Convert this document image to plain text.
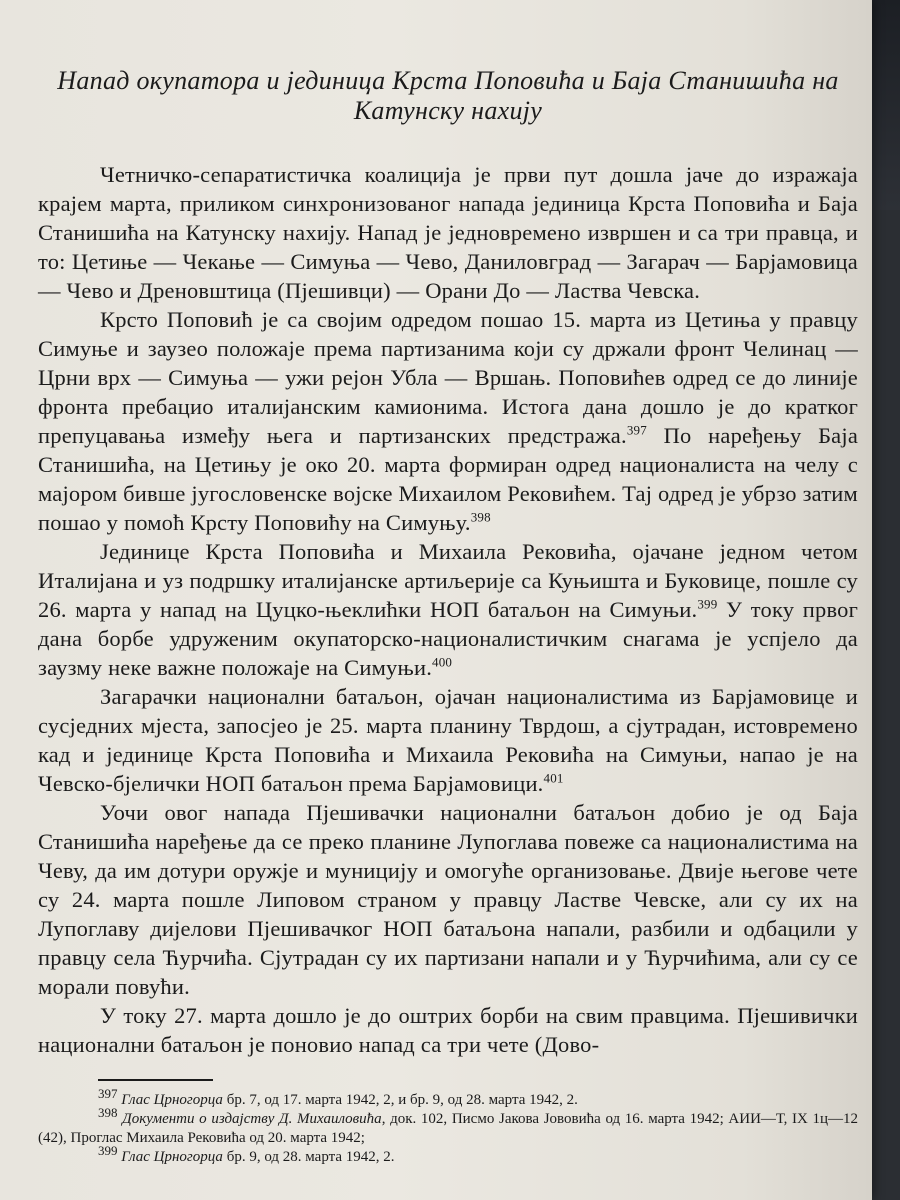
Напад окупатора и јединица Крста Поповића и Баја Станишића на Катунску нахију

Четничко-сепаратистичка коалиција је први пут дошла јаче до изражаја крајем марта, приликом синхронизованог напада јединица Крста Поповића и Баја Станишића на Катунску нахију. Напад је једновремено извршен и са три правца, и то: Цетиње — Чекање — Симуња — Чево, Даниловград — Загарач — Барјамовица — Чево и Дреновштица (Пјешивци) — Орани До — Ластва Чевска.

Крсто Поповић је са својим одредом пошао 15. марта из Цетиња у правцу Симуње и заузео положаје према партизанима који су држали фронт Челинац — Црни врх — Симуња — ужи рејон Убла — Вршањ. Поповићев одред се до линије фронта пребацио италијанским камионима. Истога дана дошло је до кратког препуцавања између њега и партизанских предстража.$^{397}$ По наређењу Баја Станишића, на Цетињу је око 20. марта формиран одред националиста на челу с мајором бивше југословенске војске Михаилом Рековићем. Тај одред је убрзо затим пошао у помоћ Крсту Поповићу на Симуњу.$^{398}$

Јединице Крста Поповића и Михаила Рековића, ојачане једном четом Италијана и уз подршку италијанске артиљерије са Куњишта и Буковице, пошле су 26. марта у напад на Цуцко-њеклићки НОП батаљон на Симуњи.$^{399}$ У току првог дана борбе удруженим окупаторско-националистичким снагама је успјело да заузму неке важне положаје на Симуњи.$^{400}$

Загарачки национални батаљон, ојачан националистима из Барјамовице и сусједних мјеста, запосјео је 25. марта планину Тврдош, а сјутрадан, истовремено кад и јединице Крста Поповића и Михаила Рековића на Симуњи, напао је на Чевско-бјелички НОП батаљон према Барјамовици.$^{401}$

Уочи овог напада Пјешивачки национални батаљон добио је од Баја Станишића наређење да се преко планине Лупоглава повеже са националистима на Чеву, да им дотури оружје и муницију и омогуће организовање. Двије његове чете су 24. марта пошле Липовом страном у правцу Ластве Чевске, али су их на Лупоглаву дијелови Пјешивачког НОП батаљона напали, разбили и одбацили у правцу села Ћурчића. Сјутрадан су их партизани напали и у Ћурчићима, али су се морали повући.

У току 27. марта дошло је до оштрих борби на свим правцима. Пјешивички национални батаљон је поновио напад са три чете (Дово-

$^{397}$ Глас Црногорца бр. 7, од 17. марта 1942, 2, и бр. 9, од 28. марта 1942, 2.

$^{398}$ Документи о издајству Д. Михаиловића, док. 102, Писмо Јакова Јововића од 16. марта 1942; АИИ—Т, IX 1ц—12 (42), Проглас Михаила Рековића од 20. марта 1942;

$^{399}$ Глас Црногорца бр. 9, од 28. марта 1942, 2.
